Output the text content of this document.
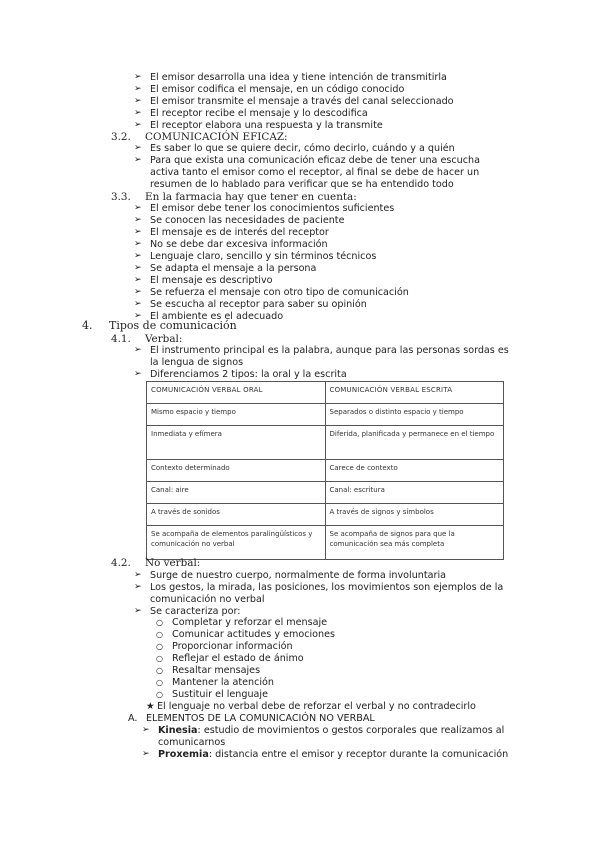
➢ El emisor desarrolla una idea y tiene intención de transmitirla
➢ El emisor codifica el mensaje, en un código conocido
➢ El emisor transmite el mensaje a través del canal seleccionado
➢ El receptor recibe el mensaje y lo descodifica
➢ El receptor elabora una respuesta y la transmite
3.2. COMUNICACIÓN EFICAZ:
➢ Es saber lo que se quiere decir, cómo decirlo, cuándo y a quién
➢ Para que exista una comunicación eficaz debe de tener una escucha
activa tanto el emisor como el receptor, al final se debe de hacer un
resumen de lo hablado para verificar que se ha entendido todo
3.3. En la farmacia hay que tener en cuenta:
➢ El emisor debe tener los conocimientos suficientes
➢ Se conocen las necesidades de paciente
➢ El mensaje es de interés del receptor
➢ No se debe dar excesiva información
➢ Lenguaje claro, sencillo y sin términos técnicos
➢ Se adapta el mensaje a la persona
➢ El mensaje es descriptivo
➢ Se refuerza el mensaje con otro tipo de comunicación
➢ Se escucha al receptor para saber su opinión
➢ El ambiente es el adecuado
4. Tipos de comunicación
4.1. Verbal:
➢ El instrumento principal es la palabra, aunque para las personas sordas es
la lengua de signos
➢ Diferenciamos 2 tipos: la oral y la escrita
COMUNICACIÓN VERBAL ORAL	COMUNICACIÓN VERBAL ESCRITA
Mismo espacio y tiempo	Separados o distinto espacio y tiempo
Inmediata y efímera	Diferida, planificada y permanece en el tiempo
Contexto determinado	Carece de contexto
Canal: aire	Canal: escritura
A través de sonidos	A través de signos y símbolos
Se acompaña de elementos paralingüísticos y comunicación no verbal	Se acompaña de signos para que la comunicación sea más completa
4.2. No verbal:
➢ Surge de nuestro cuerpo, normalmente de forma involuntaria
➢ Los gestos, la mirada, las posiciones, los movimientos son ejemplos de la
comunicación no verbal
➢ Se caracteriza por:
○ Completar y reforzar el mensaje
○ Comunicar actitudes y emociones
○ Proporcionar información
○ Reflejar el estado de ánimo
○ Resaltar mensajes
○ Mantener la atención
○ Sustituir el lenguaje
★ El lenguaje no verbal debe de reforzar el verbal y no contradecirlo
A. ELEMENTOS DE LA COMUNICACIÓN NO VERBAL
➢ Kinesia: estudio de movimientos o gestos corporales que realizamos al
comunicarnos
➢ Proxemia: distancia entre el emisor y receptor durante la comunicación
